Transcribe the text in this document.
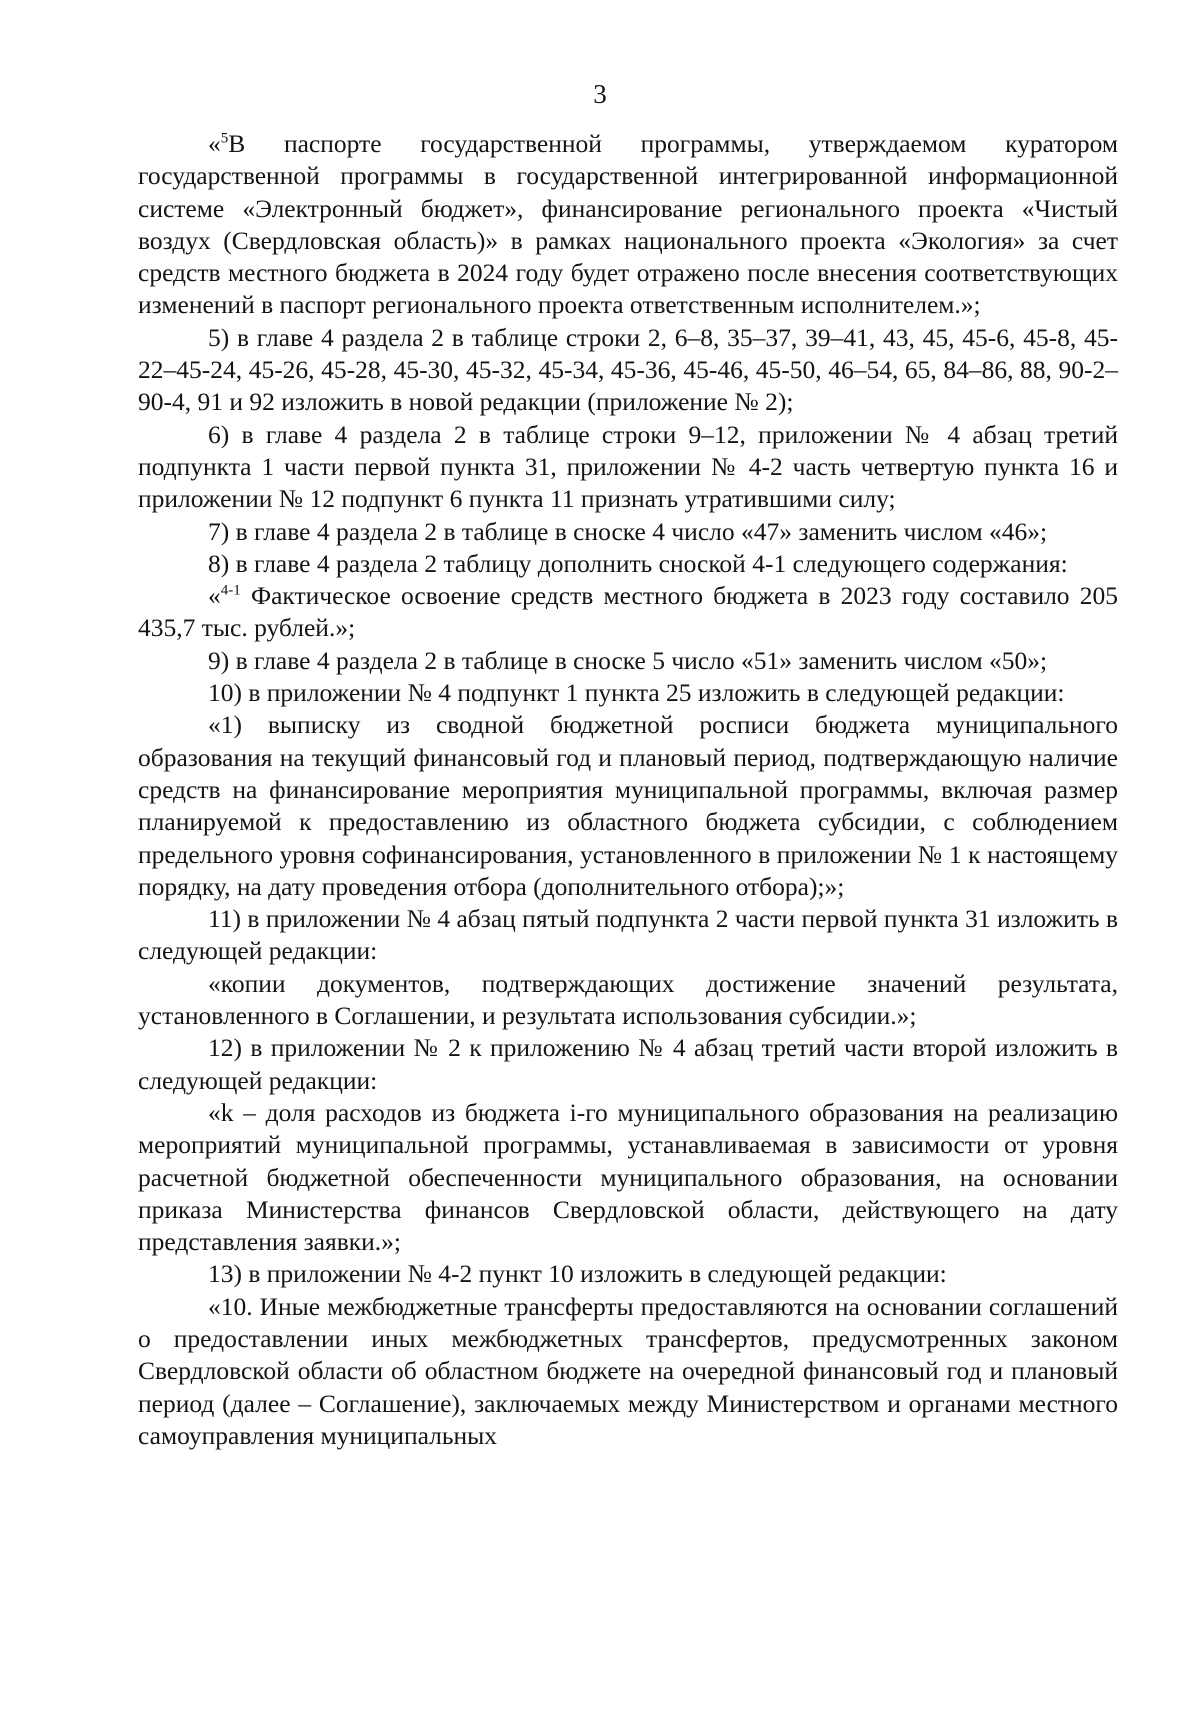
3

«$^5$В паспорте государственной программы, утверждаемом куратором государственной программы в государственной интегрированной информационной системе «Электронный бюджет», финансирование регионального проекта «Чистый воздух (Свердловская область)» в рамках национального проекта «Экология» за счет средств местного бюджета в 2024 году будет отражено после внесения соответствующих изменений в паспорт регионального проекта ответственным исполнителем.»;

5) в главе 4 раздела 2 в таблице строки 2, 6–8, 35–37, 39–41, 43, 45, 45-6, 45-8, 45-22–45-24, 45-26, 45-28, 45-30, 45-32, 45-34, 45-36, 45-46, 45-50, 46–54, 65, 84–86, 88, 90-2–90-4, 91 и 92 изложить в новой редакции (приложение № 2);

6) в главе 4 раздела 2 в таблице строки 9–12, приложении № 4 абзац третий подпункта 1 части первой пункта 31, приложении № 4-2 часть четвертую пункта 16 и приложении № 12 подпункт 6 пункта 11 признать утратившими силу;

7) в главе 4 раздела 2 в таблице в сноске 4 число «47» заменить числом «46»;

8) в главе 4 раздела 2 таблицу дополнить сноской 4-1 следующего содержания:

«$^{4-1}$ Фактическое освоение средств местного бюджета в 2023 году составило 205 435,7 тыс. рублей.»;

9) в главе 4 раздела 2 в таблице в сноске 5 число «51» заменить числом «50»;

10) в приложении № 4 подпункт 1 пункта 25 изложить в следующей редакции:

«1) выписку из сводной бюджетной росписи бюджета муниципального образования на текущий финансовый год и плановый период, подтверждающую наличие средств на финансирование мероприятия муниципальной программы, включая размер планируемой к предоставлению из областного бюджета субсидии, с соблюдением предельного уровня софинансирования, установленного в приложении № 1 к настоящему порядку, на дату проведения отбора (дополнительного отбора);»;

11) в приложении № 4 абзац пятый подпункта 2 части первой пункта 31 изложить в следующей редакции:

«копии документов, подтверждающих достижение значений результата, установленного в Соглашении, и результата использования субсидии.»;

12) в приложении № 2 к приложению № 4 абзац третий части второй изложить в следующей редакции:

«k – доля расходов из бюджета i-го муниципального образования на реализацию мероприятий муниципальной программы, устанавливаемая в зависимости от уровня расчетной бюджетной обеспеченности муниципального образования, на основании приказа Министерства финансов Свердловской области, действующего на дату представления заявки.»;

13) в приложении № 4-2 пункт 10 изложить в следующей редакции:

«10. Иные межбюджетные трансферты предоставляются на основании соглашений о предоставлении иных межбюджетных трансфертов, предусмотренных законом Свердловской области об областном бюджете на очередной финансовый год и плановый период (далее – Соглашение), заключаемых между Министерством и органами местного самоуправления муниципальных
